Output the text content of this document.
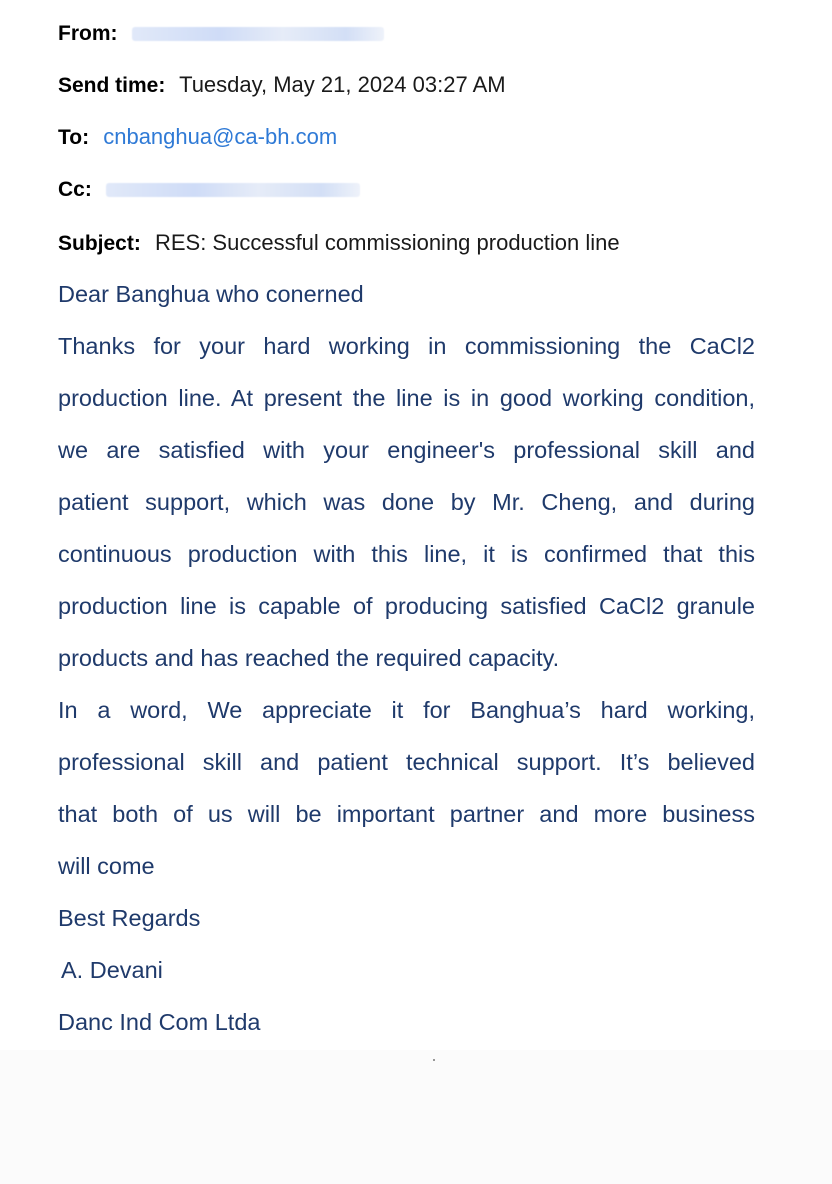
From:
Send time: Tuesday, May 21, 2024 03:27 AM
To: cnbanghua@ca-bh.com
Cc:
Subject: RES: Successful commissioning production line
Dear Banghua who conerned
Thanks for your hard working in commissioning the CaCl2
production line. At present the line is in good working condition,
we are satisfied with your engineer's professional skill and
patient support, which was done by Mr. Cheng, and during
continuous production with this line, it is confirmed that this
production line is capable of producing satisfied CaCl2 granule
products and has reached the required capacity.
In a word, We appreciate it for Banghua’s hard working,
professional skill and patient technical support. It’s believed
that both of us will be important partner and more business
will come
Best Regards
A. Devani
Danc Ind Com Ltda
